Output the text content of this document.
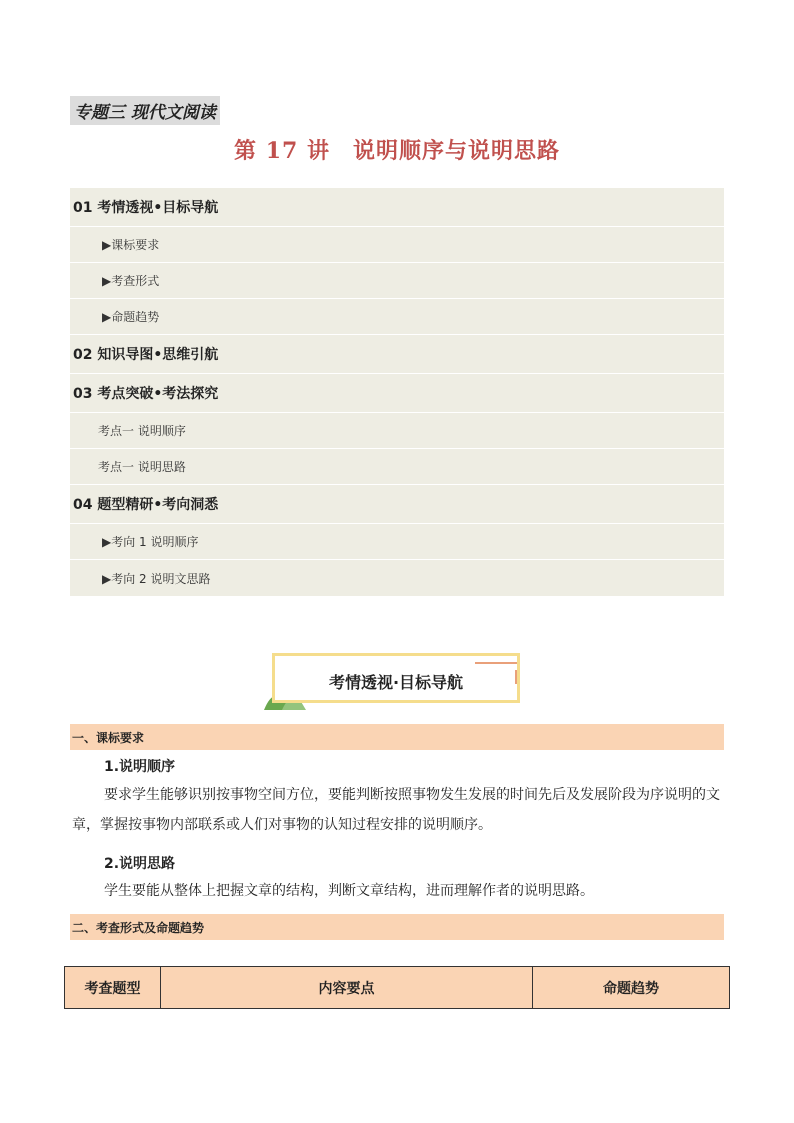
专题三 现代文阅读
第 17 讲　说明顺序与说明思路
01 考情透视•目标导航
▶课标要求
▶考查形式
▶命题趋势
02 知识导图•思维引航
03 考点突破•考法探究
考点一 说明顺序
考点一 说明思路
04 题型精研•考向洞悉
▶考向 1 说明顺序
▶考向 2 说明文思路
考情透视·目标导航
一、课标要求
1.说明顺序
要求学生能够识别按事物空间方位，要能判断按照事物发生发展的时间先后及发展阶段为序说明的文章，掌握按事物内部联系或人们对事物的认知过程安排的说明顺序。
2.说明思路
学生要能从整体上把握文章的结构，判断文章结构，进而理解作者的说明思路。
二、考查形式及命题趋势
考查题型	内容要点	命题趋势
